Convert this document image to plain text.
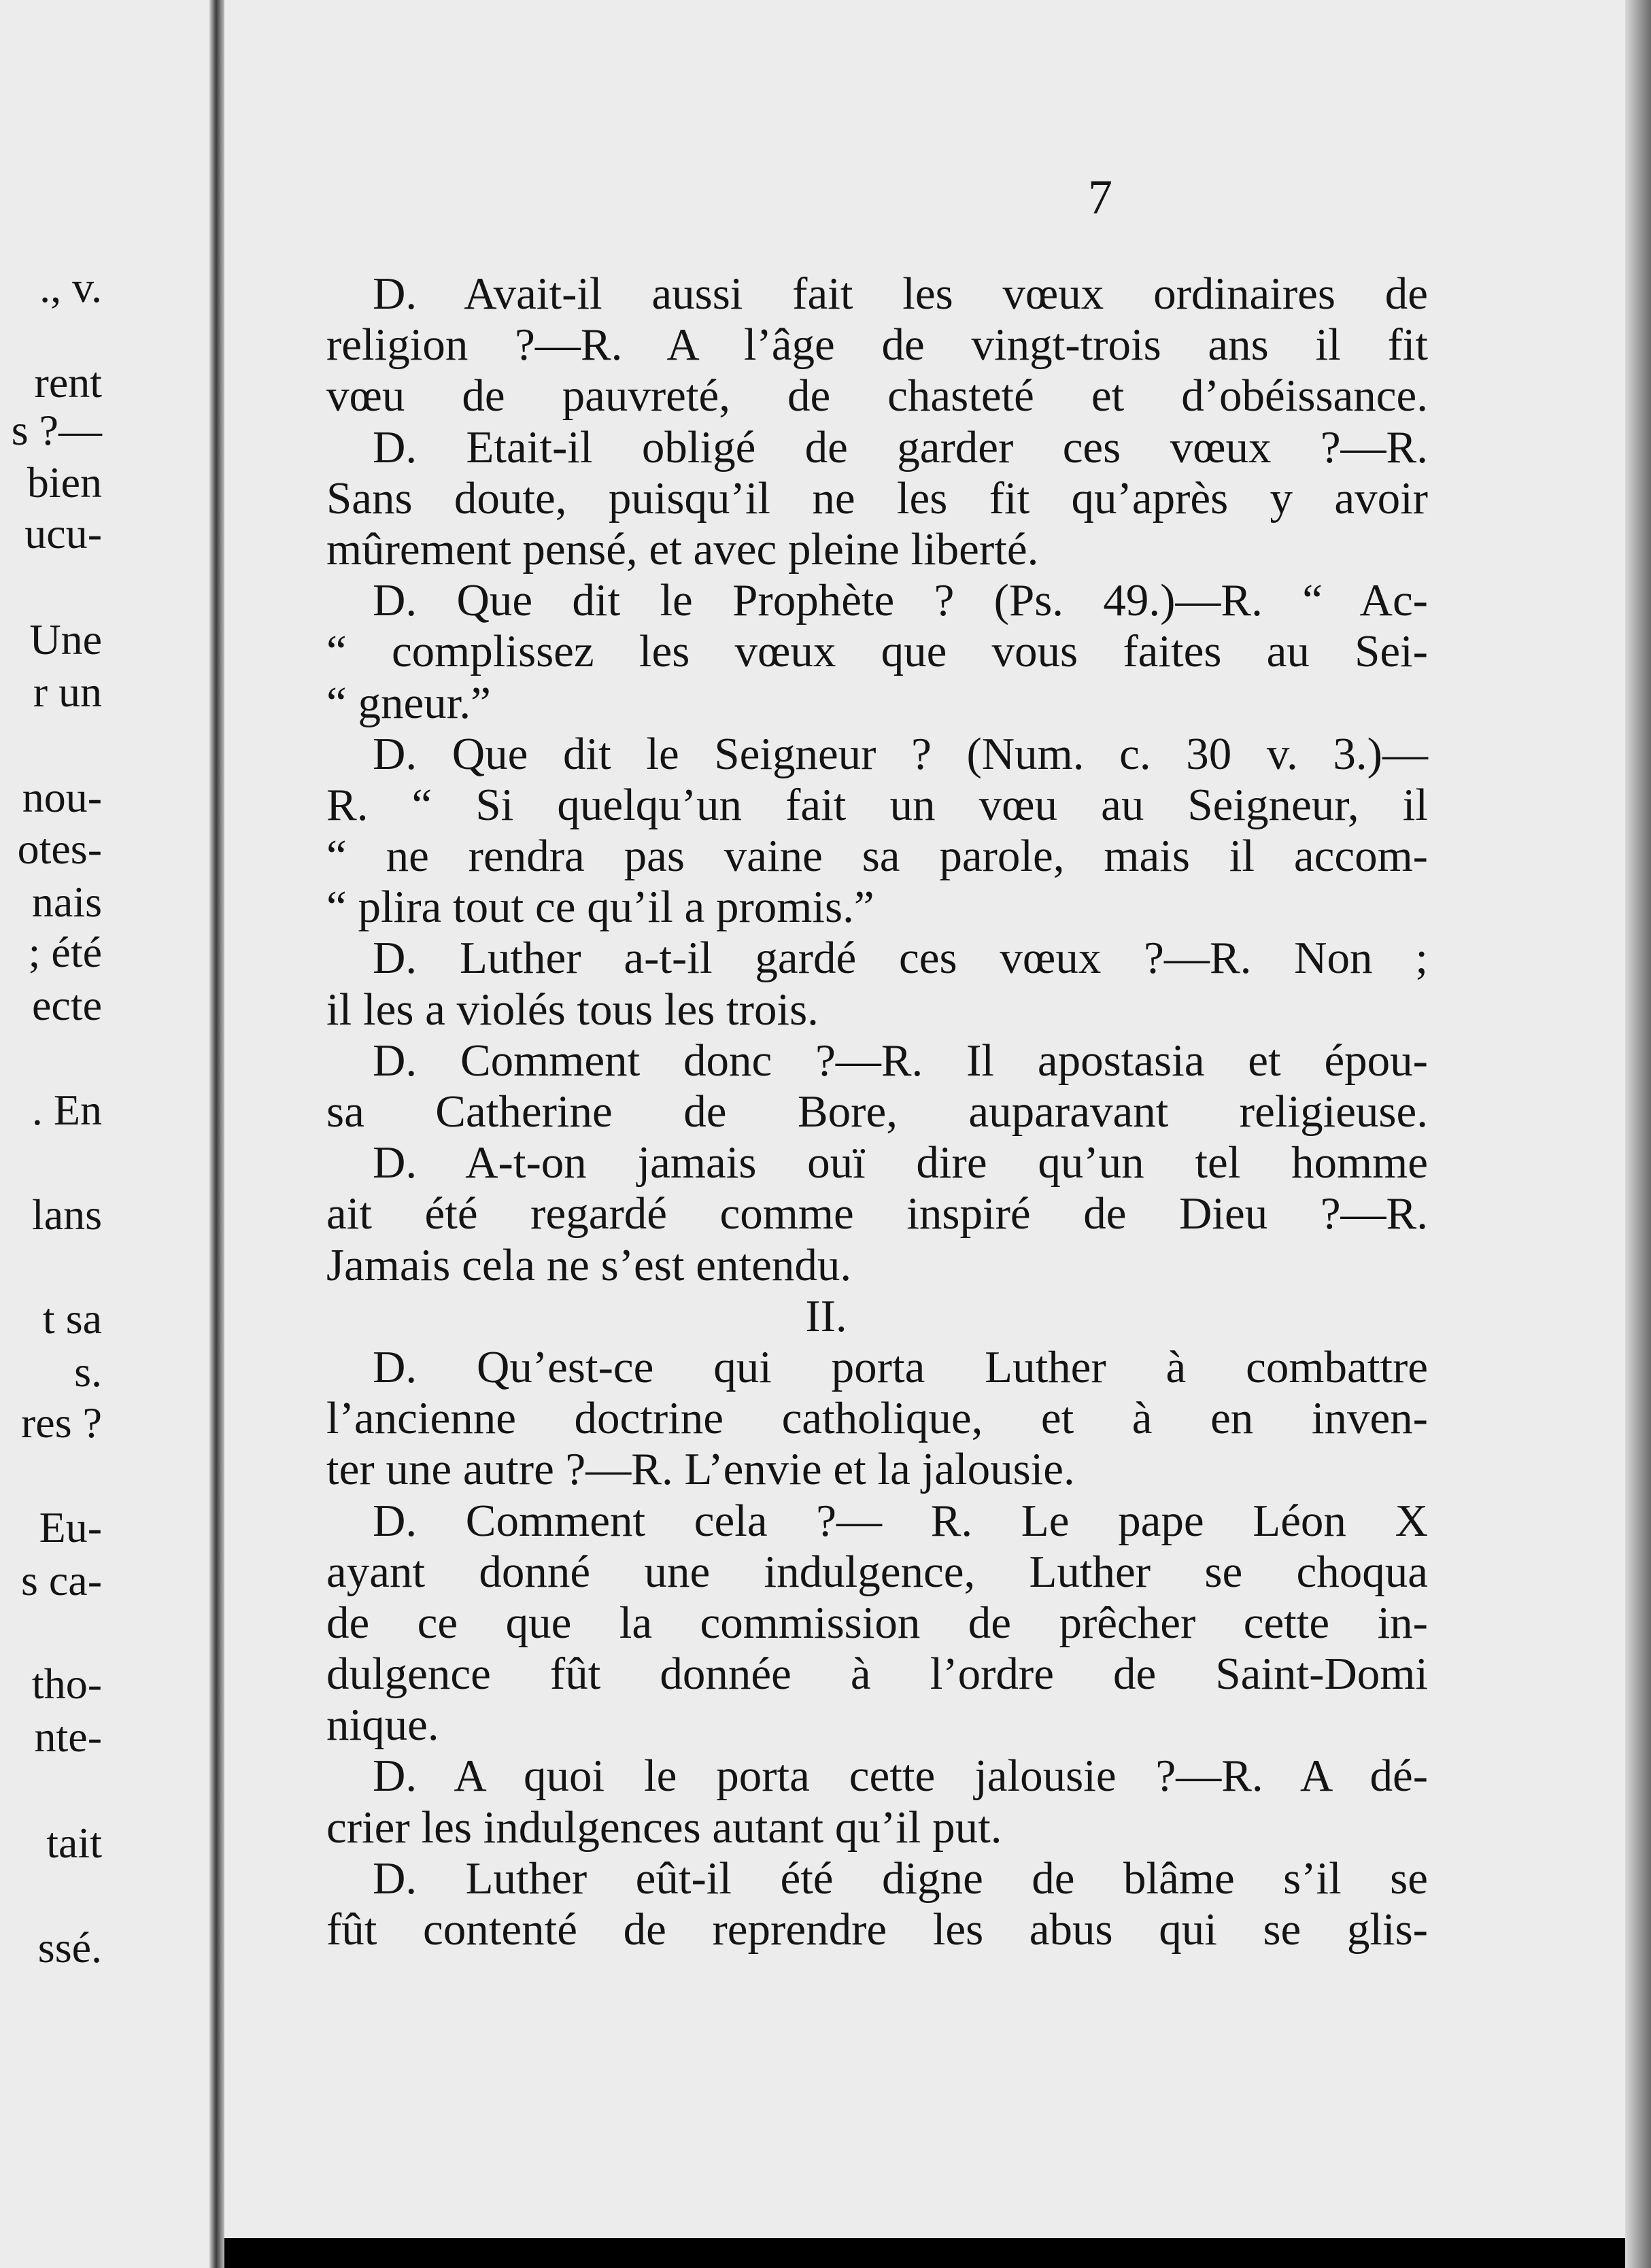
., v.
rent
s ?—
bien
ucu-
Une
r un
nou-
otes-
nais
; été
ecte
. En
lans
t sa
s.
res ?
Eu-
s ca-
tho-
nte-
tait
ssé.
7
D. Avait-il aussi fait les vœux ordinaires de
religion ?—R. A l’âge de vingt-trois ans il fit
vœu de pauvreté, de chasteté et d’obéissance.
D. Etait-il obligé de garder ces vœux ?—R.
Sans doute, puisqu’il ne les fit qu’après y avoir
mûrement pensé, et avec pleine liberté.
D. Que dit le Prophète ? (Ps. 49.)—R. “ Ac-
“ complissez les vœux que vous faites au Sei-
“ gneur.”
D. Que dit le Seigneur ? (Num. c. 30 v. 3.)—
R. “ Si quelqu’un fait un vœu au Seigneur, il
“ ne rendra pas vaine sa parole, mais il accom-
“ plira tout ce qu’il a promis.”
D. Luther a-t-il gardé ces vœux ?—R. Non ;
il les a violés tous les trois.
D. Comment donc ?—R. Il apostasia et épou-
sa Catherine de Bore, auparavant religieuse.
D. A-t-on jamais ouï dire qu’un tel homme
ait été regardé comme inspiré de Dieu ?—R.
Jamais cela ne s’est entendu.
II.
D. Qu’est-ce qui porta Luther à combattre
l’ancienne doctrine catholique, et à en inven-
ter une autre ?—R. L’envie et la jalousie.
D. Comment cela ?— R. Le pape Léon X
ayant donné une indulgence, Luther se choqua
de ce que la commission de prêcher cette in-
dulgence fût donnée à l’ordre de Saint-Domi
nique.
D. A quoi le porta cette jalousie ?—R. A dé-
crier les indulgences autant qu’il put.
D. Luther eût-il été digne de blâme s’il se
fût contenté de reprendre les abus qui se glis-
